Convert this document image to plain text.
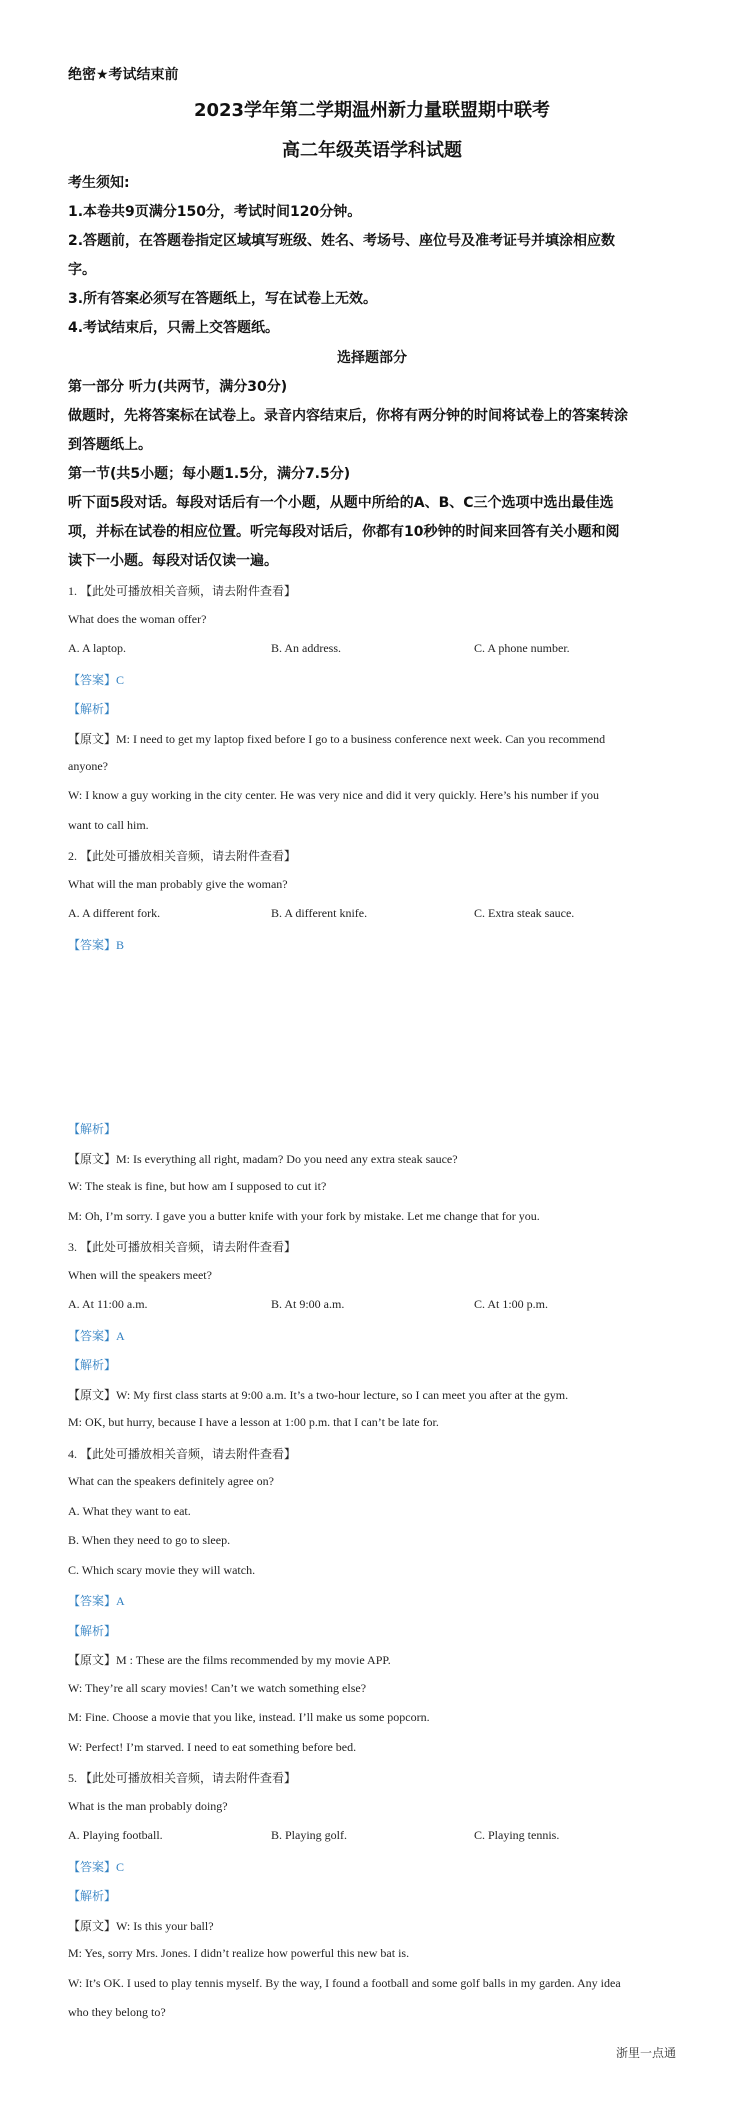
绝密★考试结束前
2023学年第二学期温州新力量联盟期中联考
高二年级英语学科试题
考生须知:
1.本卷共9页满分150分，考试时间120分钟。
2.答题前，在答题卷指定区域填写班级、姓名、考场号、座位号及准考证号并填涂相应数
字。
3.所有答案必须写在答题纸上，写在试卷上无效。
4.考试结束后，只需上交答题纸。
选择题部分
第一部分 听力(共两节，满分30分)
做题时，先将答案标在试卷上。录音内容结束后，你将有两分钟的时间将试卷上的答案转涂
到答题纸上。
第一节(共5小题；每小题1.5分，满分7.5分)
听下面5段对话。每段对话后有一个小题，从题中所给的A、B、C三个选项中选出最佳选
项，并标在试卷的相应位置。听完每段对话后，你都有10秒钟的时间来回答有关小题和阅
读下一小题。每段对话仅读一遍。
1. 【此处可播放相关音频，请去附件查看】
What does the woman offer?
A. A laptop.	B. An address.	C. A phone number.
【答案】C
【解析】
【原文】M: I need to get my laptop fixed before I go to a business conference next week. Can you recommend
anyone?
W: I know a guy working in the city center. He was very nice and did it very quickly. Here’s his number if you
want to call him.
2. 【此处可播放相关音频，请去附件查看】
What will the man probably give the woman?
A. A different fork.	B. A different knife.	C. Extra steak sauce.
【答案】B
【解析】
【原文】M: Is everything all right, madam? Do you need any extra steak sauce?
W: The steak is fine, but how am I supposed to cut it?
M: Oh, I’m sorry. I gave you a butter knife with your fork by mistake. Let me change that for you.
3. 【此处可播放相关音频，请去附件查看】
When will the speakers meet?
A. At 11:00 a.m.	B. At 9:00 a.m.	C. At 1:00 p.m.
【答案】A
【解析】
【原文】W: My first class starts at 9:00 a.m. It’s a two-hour lecture, so I can meet you after at the gym.
M: OK, but hurry, because I have a lesson at 1:00 p.m. that I can’t be late for.
4. 【此处可播放相关音频，请去附件查看】
What can the speakers definitely agree on?
A. What they want to eat.
B. When they need to go to sleep.
C. Which scary movie they will watch.
【答案】A
【解析】
【原文】M : These are the films recommended by my movie APP.
W: They’re all scary movies! Can’t we watch something else?
M: Fine. Choose a movie that you like, instead. I’ll make us some popcorn.
W: Perfect! I’m starved. I need to eat something before bed.
5. 【此处可播放相关音频，请去附件查看】
What is the man probably doing?
A. Playing football.	B. Playing golf.	C. Playing tennis.
【答案】C
【解析】
【原文】W: Is this your ball?
M: Yes, sorry Mrs. Jones. I didn’t realize how powerful this new bat is.
W: It’s OK. I used to play tennis myself. By the way, I found a football and some golf balls in my garden. Any idea
who they belong to?
浙里一点通
